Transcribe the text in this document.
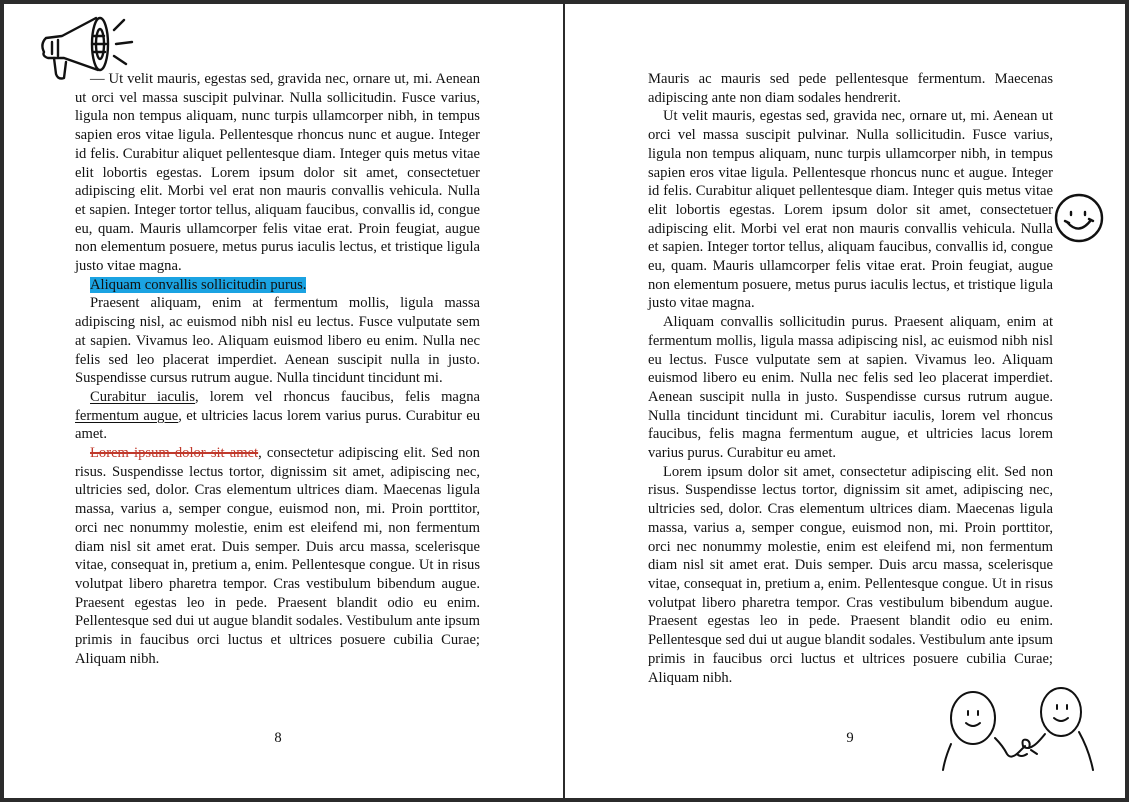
— Ut velit mauris, egestas sed, gravida nec, ornare ut, mi. Aenean ut orci vel massa suscipit pulvinar. Nulla sollicitudin. Fusce varius, ligula non tempus aliquam, nunc turpis ullamcorper nibh, in tempus sapien eros vitae ligula. Pellentesque rhoncus nunc et augue. Integer id felis. Curabitur aliquet pellentesque diam. Integer quis metus vitae elit lobortis egestas. Lorem ipsum dolor sit amet, consectetuer adipiscing elit. Morbi vel erat non mauris convallis vehicula. Nulla et sapien. Integer tortor tellus, aliquam faucibus, convallis id, congue eu, quam. Mauris ullamcorper felis vitae erat. Proin feugiat, augue non elementum posuere, metus purus iaculis lectus, et tristique ligula justo vitae magna.

Aliquam convallis sollicitudin purus.

Praesent aliquam, enim at fermentum mollis, ligula massa adipiscing nisl, ac euismod nibh nisl eu lectus. Fusce vulputate sem at sapien. Vivamus leo. Aliquam euismod libero eu enim. Nulla nec felis sed leo placerat imperdiet. Aenean suscipit nulla in justo. Suspendisse cursus rutrum augue. Nulla tincidunt tincidunt mi.

Curabitur iaculis, lorem vel rhoncus faucibus, felis magna fermentum augue, et ultricies lacus lorem varius purus. Curabitur eu amet.

Lorem ipsum dolor sit amet, consectetur adipiscing elit. Sed non risus. Suspendisse lectus tortor, dignissim sit amet, adipiscing nec, ultricies sed, dolor. Cras elementum ultrices diam. Maecenas ligula massa, varius a, semper congue, euismod non, mi. Proin porttitor, orci nec nonummy molestie, enim est eleifend mi, non fermentum diam nisl sit amet erat. Duis semper. Duis arcu massa, scelerisque vitae, consequat in, pretium a, enim. Pellentesque congue. Ut in risus volutpat libero pharetra tempor. Cras vestibulum bibendum augue. Praesent egestas leo in pede. Praesent blandit odio eu enim. Pellentesque sed dui ut augue blandit sodales. Vestibulum ante ipsum primis in faucibus orci luctus et ultrices posuere cubilia Curae; Aliquam nibh.

8

Mauris ac mauris sed pede pellentesque fermentum. Maecenas adipiscing ante non diam sodales hendrerit.

Ut velit mauris, egestas sed, gravida nec, ornare ut, mi. Aenean ut orci vel massa suscipit pulvinar. Nulla sollicitudin. Fusce varius, ligula non tempus aliquam, nunc turpis ullamcorper nibh, in tempus sapien eros vitae ligula. Pellentesque rhoncus nunc et augue. Integer id felis. Curabitur aliquet pellentesque diam. Integer quis metus vitae elit lobortis egestas. Lorem ipsum dolor sit amet, consectetuer adipiscing elit. Morbi vel erat non mauris convallis vehicula. Nulla et sapien. Integer tortor tellus, aliquam faucibus, convallis id, congue eu, quam. Mauris ullamcorper felis vitae erat. Proin feugiat, augue non elementum posuere, metus purus iaculis lectus, et tristique ligula justo vitae magna.

Aliquam convallis sollicitudin purus. Praesent aliquam, enim at fermentum mollis, ligula massa adipiscing nisl, ac euismod nibh nisl eu lectus. Fusce vulputate sem at sapien. Vivamus leo. Aliquam euismod libero eu enim. Nulla nec felis sed leo placerat imperdiet. Aenean suscipit nulla in justo. Suspendisse cursus rutrum augue. Nulla tincidunt tincidunt mi. Curabitur iaculis, lorem vel rhoncus faucibus, felis magna fermentum augue, et ultricies lacus lorem varius purus. Curabitur eu amet.

Lorem ipsum dolor sit amet, consectetur adipiscing elit. Sed non risus. Suspendisse lectus tortor, dignissim sit amet, adipiscing nec, ultricies sed, dolor. Cras elementum ultrices diam. Maecenas ligula massa, varius a, semper congue, euismod non, mi. Proin porttitor, orci nec nonummy molestie, enim est eleifend mi, non fermentum diam nisl sit amet erat. Duis semper. Duis arcu massa, scelerisque vitae, consequat in, pretium a, enim. Pellentesque congue. Ut in risus volutpat libero pharetra tempor. Cras vestibulum bibendum augue. Praesent egestas leo in pede. Praesent blandit odio eu enim. Pellentesque sed dui ut augue blandit sodales. Vestibulum ante ipsum primis in faucibus orci luctus et ultrices posuere cubilia Curae; Aliquam nibh.

9
